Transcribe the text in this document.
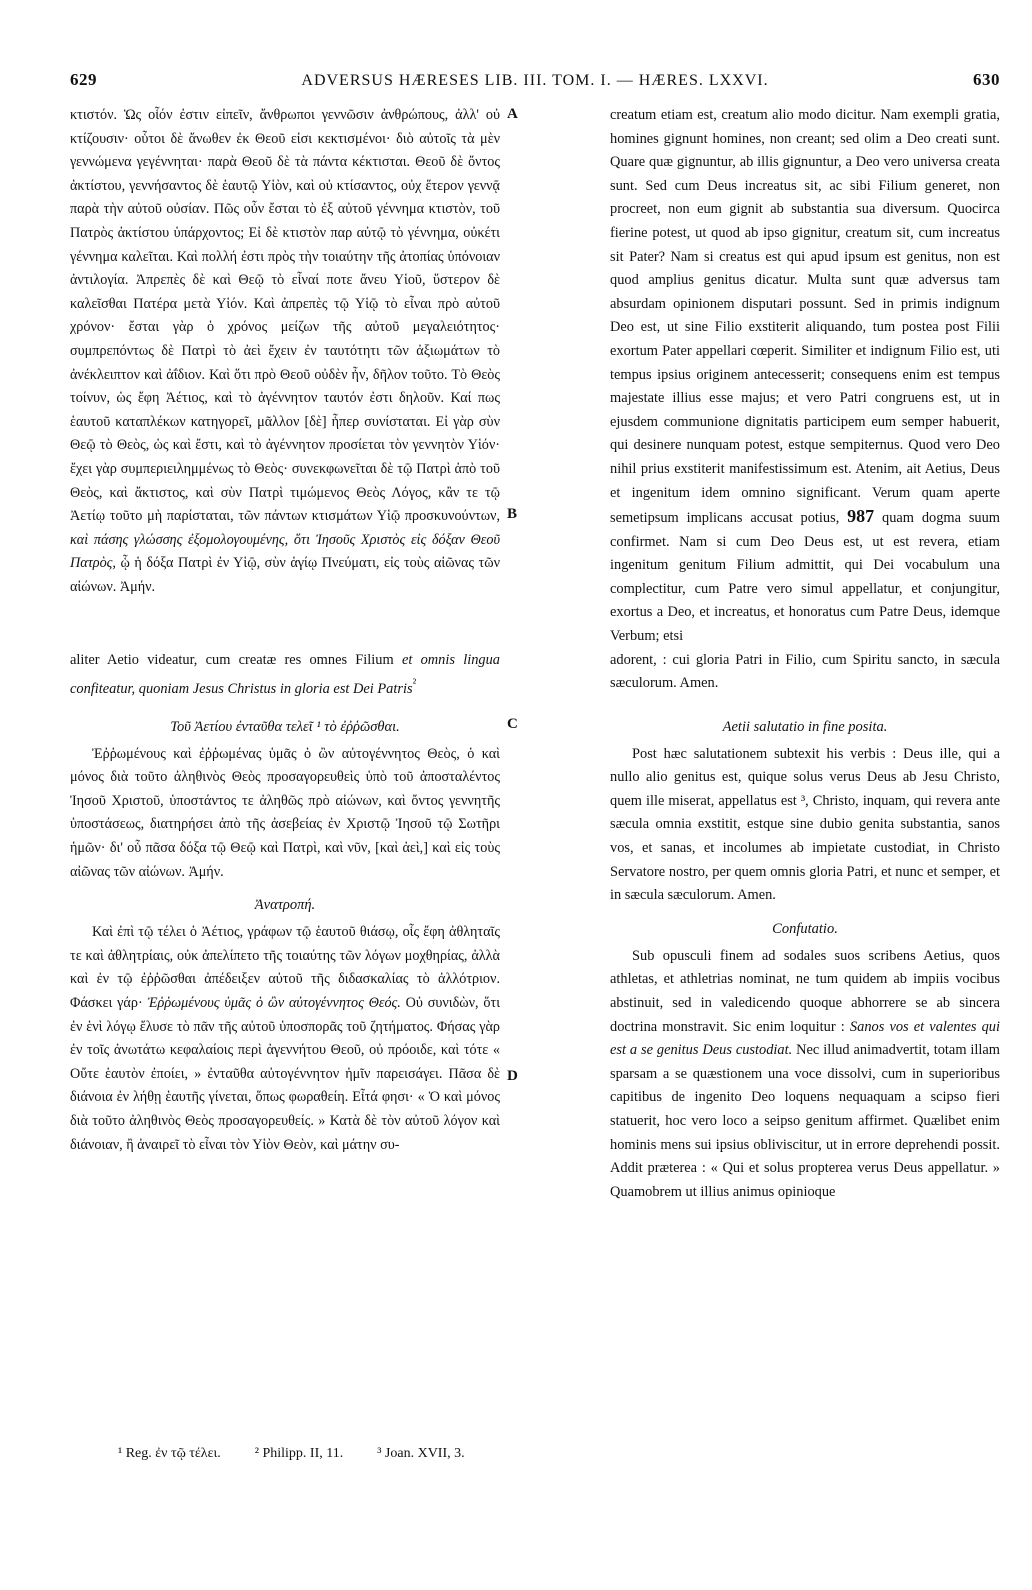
629	ADVERSUS HÆRESES LIB. III. TOM. I. — HÆRES. LXXVI.	630

κτιστόν. Ὡς οἷόν ἐστιν εἰπεῖν, ἄνθρωποι γεννῶσιν ἀνθρώπους, ἀλλ' οὐ κτίζουσιν· οὗτοι δὲ ἄνωθεν ἐκ Θεοῦ εἰσι κεκτισμένοι· διὸ αὐτοῖς τὰ μὲν γεννώμενα γεγέννηται· παρὰ Θεοῦ δὲ τὰ πάντα κέκτισται. Θεοῦ δὲ ὄντος ἀκτίστου, γεννήσαντος δὲ ἑαυτῷ Υἱὸν, καὶ οὐ κτίσαντος, οὐχ ἕτερον γεννᾷ παρὰ τὴν αὐτοῦ οὐσίαν. Πῶς οὖν ἔσται τὸ ἐξ αὐτοῦ γέννημα κτιστὸν, τοῦ Πατρὸς ἀκτίστου ὑπάρχοντος; Εἰ δὲ κτιστὸν παρ αὐτῷ τὸ γέννημα, οὐκέτι γέννημα καλεῖται. Καὶ πολλή ἐστι πρὸς τὴν τοιαύτην τῆς ἀτοπίας ὑπόνοιαν ἀντιλογία. Ἀπρεπὲς δὲ καὶ Θεῷ τὸ εἶναί ποτε ἄνευ Υἱοῦ, ὕστερον δὲ καλεῖσθαι Πατέρα μετὰ Υἱόν. Καὶ ἀπρεπὲς τῷ Υἱῷ τὸ εἶναι πρὸ αὐτοῦ χρόνον· ἔσται γὰρ ὁ χρόνος μείζων τῆς αὐτοῦ μεγαλειότητος· συμπρεπόντως δὲ Πατρὶ τὸ ἀεὶ ἔχειν ἐν ταυτότητι τῶν ἀξιωμάτων τὸ ἀνέκλειπτον καὶ ἀΐδιον. Καὶ ὅτι πρὸ Θεοῦ οὐδὲν ἦν, δῆλον τοῦτο. Τὸ Θεὸς τοίνυν, ὡς ἔφη Ἀέτιος, καὶ τὸ ἀγέννητον ταυτόν ἐστι δηλοῦν. Καί πως ἑαυτοῦ καταπλέκων κατηγορεῖ, μᾶλλον [δὲ] ἧπερ συνίσταται. Εἰ γὰρ σὺν Θεῷ τὸ Θεὸς, ὡς καὶ ἔστι, καὶ τὸ ἀγέννητον προσίεται τὸν γεννητὸν Υἱόν· ἔχει γὰρ συμπεριειλημμένως τὸ Θεὸς· συνεκφωνεῖται δὲ τῷ Πατρὶ ἀπὸ τοῦ Θεὸς, καὶ ἄκτιστος, καὶ σὺν Πατρὶ τιμώμενος Θεὸς Λόγος, κἂν τε τῷ Ἀετίῳ τοῦτο μὴ παρίσταται, τῶν πάντων κτισμάτων Υἱῷ προσκυνούντων, καὶ πάσης γλώσσης ἐξομολογουμένης, ὅτι Ἰησοῦς Χριστὸς εἰς δόξαν Θεοῦ Πατρὸς, ᾧ ἡ δόξα Πατρὶ ἐν Υἱῷ, σὺν ἁγίῳ Πνεύματι, εἰς τοὺς αἰῶνας τῶν αἰώνων. Ἀμήν.

A
B

creatum etiam est, creatum alio modo dicitur. Nam exempli gratia, homines gignunt homines, non creant; sed olim a Deo creati sunt. Quare quæ gignuntur, ab illis gignuntur, a Deo vero universa creata sunt. Sed cum Deus increatus sit, ac sibi Filium generet, non procreet, non eum gignit ab substantia sua diversum. Quocirca fierine potest, ut quod ab ipso gignitur, creatum sit, cum increatus sit Pater? Nam si creatus est qui apud ipsum est genitus, non est quod amplius genitus dicatur. Multa sunt quæ adversus tam absurdam opinionem disputari possunt. Sed in primis indignum Deo est, ut sine Filio exstiterit aliquando, tum postea post Filii exortum Pater appellari cœperit. Similiter et indignum Filio est, uti tempus ipsius originem antecesserit; consequens enim est tempus majestate illius esse majus; et vero Patri congruens est, ut in ejusdem communione dignitatis participem eum semper habuerit, qui desinere nunquam potest, estque sempiternus. Quod vero Deo nihil prius exstiterit manifestissimum est. Atenim, ait Aetius, Deus et ingenitum idem omnino significant. Verum quam aperte semetipsum implicans accusat potius, 987 quam dogma suum confirmet. Nam si cum Deo Deus est, ut est revera, etiam ingenitum genitum Filium admittit, qui Dei vocabulum una complectitur, cum Patre vero simul appellatur, et conjungitur, exortus a Deo, et increatus, et honoratus cum Patre Deus, idemque Verbum; etsi

aliter Aetio videatur, cum creatæ res omnes Filium et omnis lingua confiteatur, quoniam Jesus Christus in gloria est Dei Patris$^{^2}$

adorent, : cui gloria Patri in Filio, cum Spiritu sancto, in sæcula sæculorum. Amen.

Τοῦ Ἀετίου ἐνταῦθα τελεῖ ¹ τὸ ἐῤῥῶσθαι.

Ἐῤῥωμένους καὶ ἐῤῥωμένας ὑμᾶς ὁ ὢν αὐτογέννητος Θεὸς, ὁ καὶ μόνος διὰ τοῦτο ἀληθινὸς Θεὸς προσαγορευθεὶς ὑπὸ τοῦ ἀποσταλέντος Ἰησοῦ Χριστοῦ, ὑποστάντος τε ἀληθῶς πρὸ αἰώνων, καὶ ὄντος γεννητῆς ὑποστάσεως, διατηρήσει ἀπὸ τῆς ἀσεβείας ἐν Χριστῷ Ἰησοῦ τῷ Σωτῆρι ἡμῶν· δι' οὗ πᾶσα δόξα τῷ Θεῷ καὶ Πατρὶ, καὶ νῦν, [καὶ ἀεὶ,] καὶ εἰς τοὺς αἰῶνας τῶν αἰώνων. Ἀμήν.

Ἀνατροπή.

Καὶ ἐπὶ τῷ τέλει ὁ Ἀέτιος, γράφων τῷ ἑαυτοῦ θιάσῳ, οἷς ἔφη ἀθληταῖς τε καὶ ἀθλητρίαις, οὐκ ἀπελίπετο τῆς τοιαύτης τῶν λόγων μοχθηρίας, ἀλλὰ καὶ ἐν τῷ ἐῤῥῶσθαι ἀπέδειξεν αὐτοῦ τῆς διδασκαλίας τὸ ἀλλότριον. Φάσκει γάρ· Ἐῤῥωμένους ὑμᾶς ὁ ὢν αὐτογέννητος Θεός. Οὐ συνιδὼν, ὅτι ἐν ἑνὶ λόγῳ ἔλυσε τὸ πᾶν τῆς αὐτοῦ ὑποσπορᾶς τοῦ ζητήματος. Φήσας γὰρ ἐν τοῖς ἀνωτάτω κεφαλαίοις περὶ ἀγεννήτου Θεοῦ, οὐ πρόοιδε, καὶ τότε « Οὔτε ἑαυτὸν ἐποίει, » ἐνταῦθα αὐτογέννητον ἡμῖν παρεισάγει. Πᾶσα δὲ διάνοια ἐν λήθῃ ἑαυτῆς γίνεται, ὅπως φωραθείη. Εἶτά φησι· « Ὁ καὶ μόνος διὰ τοῦτο ἀληθινὸς Θεὸς προσαγορευθείς. » Κατὰ δὲ τὸν αὐτοῦ λόγον καὶ διάνοιαν, ἢ ἀναιρεῖ τὸ εἶναι τὸν Υἱὸν Θεὸν, καὶ μάτην συ-

C
D
Aetii salutatio in fine posita.

Post hæc salutationem subtexit his verbis : Deus ille, qui a nullo alio genitus est, quique solus verus Deus ab Jesu Christo, quem ille miserat, appellatus est ³, Christo, inquam, qui revera ante sæcula omnia exstitit, estque sine dubio genita substantia, sanos vos, et sanas, et incolumes ab impietate custodiat, in Christo Servatore nostro, per quem omnis gloria Patri, et nunc et semper, et in sæcula sæculorum. Amen.

Confutatio.

Sub opusculi finem ad sodales suos scribens Aetius, quos athletas, et athletrias nominat, ne tum quidem ab impiis vocibus abstinuit, sed in valedicendo quoque abhorrere se ab sincera doctrina monstravit. Sic enim loquitur : Sanos vos et valentes qui est a se genitus Deus custodiat. Nec illud animadvertit, totam illam sparsam a se quæstionem una voce dissolvi, cum in superioribus capitibus de ingenito Deo loquens nequaquam a scipso fieri statuerit, hoc vero loco a seipso genitum affirmet. Quælibet enim hominis mens sui ipsius obliviscitur, ut in errore deprehendi possit. Addit præterea : « Qui et solus propterea verus Deus appellatur. » Quamobrem ut illius animus opinioque

¹ Reg. ἐν τῷ τέλει. ² Philipp. II, 11. ³ Joan. XVII, 3.
